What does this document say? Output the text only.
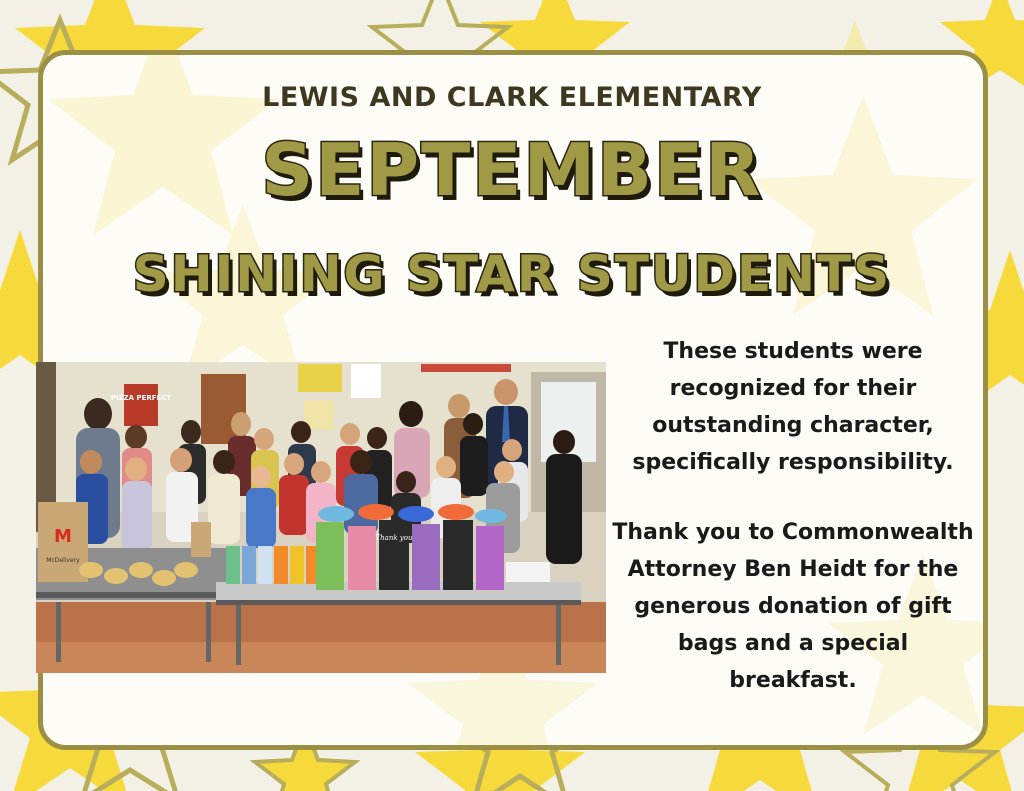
LEWIS AND CLARK ELEMENTARY
SEPTEMBER
SHINING STAR STUDENTS
PIZZA PERFECT
M
McDelivery
Thank you
These students were recognized for their outstanding character, specifically responsibility.
Thank you to Commonwealth Attorney Ben Heidt for the generous donation of gift bags and a special breakfast.
